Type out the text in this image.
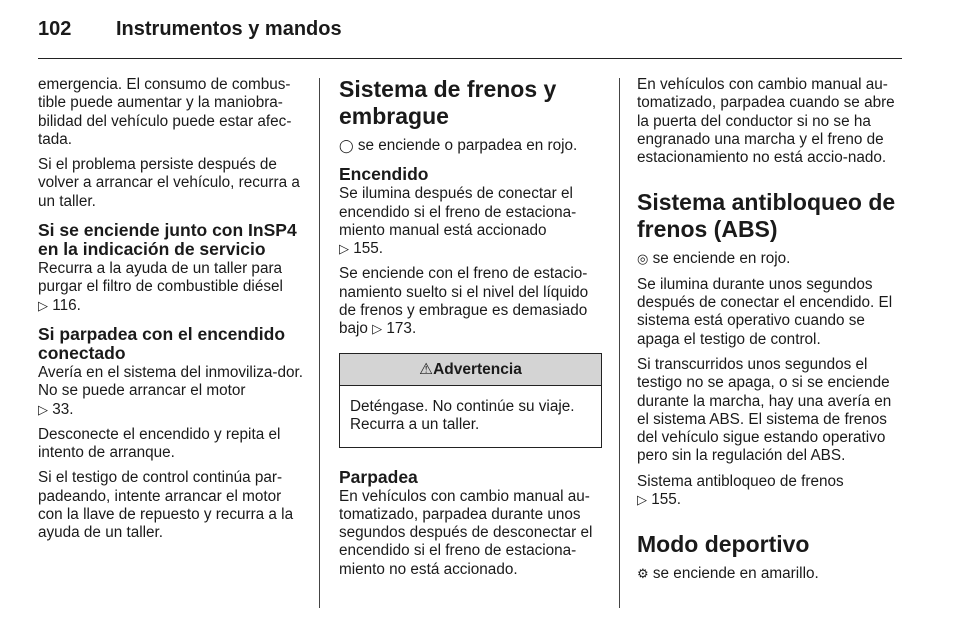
102	Instrumentos y mandos

emergencia. El consumo de combus-tible puede aumentar y la maniobra-bilidad del vehículo puede estar afec-tada.

Si el problema persiste después de volver a arrancar el vehículo, recurra a un taller.

Si se enciende junto con InSP4 en la indicación de servicio

Recurra a la ayuda de un taller para purgar el filtro de combustible diésel
▷ 116.

Si parpadea con el encendido conectado

Avería en el sistema del inmoviliza-dor. No se puede arrancar el motor
▷ 33.

Desconecte el encendido y repita el intento de arranque.

Si el testigo de control continúa par-padeando, intente arrancar el motor con la llave de repuesto y recurra a la ayuda de un taller.

Sistema de frenos y embrague

◯ se enciende o parpadea en rojo.

Encendido

Se ilumina después de conectar el encendido si el freno de estaciona-miento manual está accionado
▷ 155.

Se enciende con el freno de estacio-namiento suelto si el nivel del líquido de frenos y embrague es demasiado bajo ▷ 173.

⚠Advertencia
Deténgase. No continúe su viaje. Recurra a un taller.
Parpadea

En vehículos con cambio manual au-tomatizado, parpadea durante unos segundos después de desconectar el encendido si el freno de estaciona-miento no está accionado.

En vehículos con cambio manual au-tomatizado, parpadea cuando se abre la puerta del conductor si no se ha engranado una marcha y el freno de estacionamiento no está accio-nado.

Sistema antibloqueo de frenos (ABS)

◎ se enciende en rojo.

Se ilumina durante unos segundos después de conectar el encendido. El sistema está operativo cuando se apaga el testigo de control.

Si transcurridos unos segundos el testigo no se apaga, o si se enciende durante la marcha, hay una avería en el sistema ABS. El sistema de frenos del vehículo sigue estando operativo pero sin la regulación del ABS.

Sistema antibloqueo de frenos
▷ 155.

Modo deportivo

⚙ se enciende en amarillo.
